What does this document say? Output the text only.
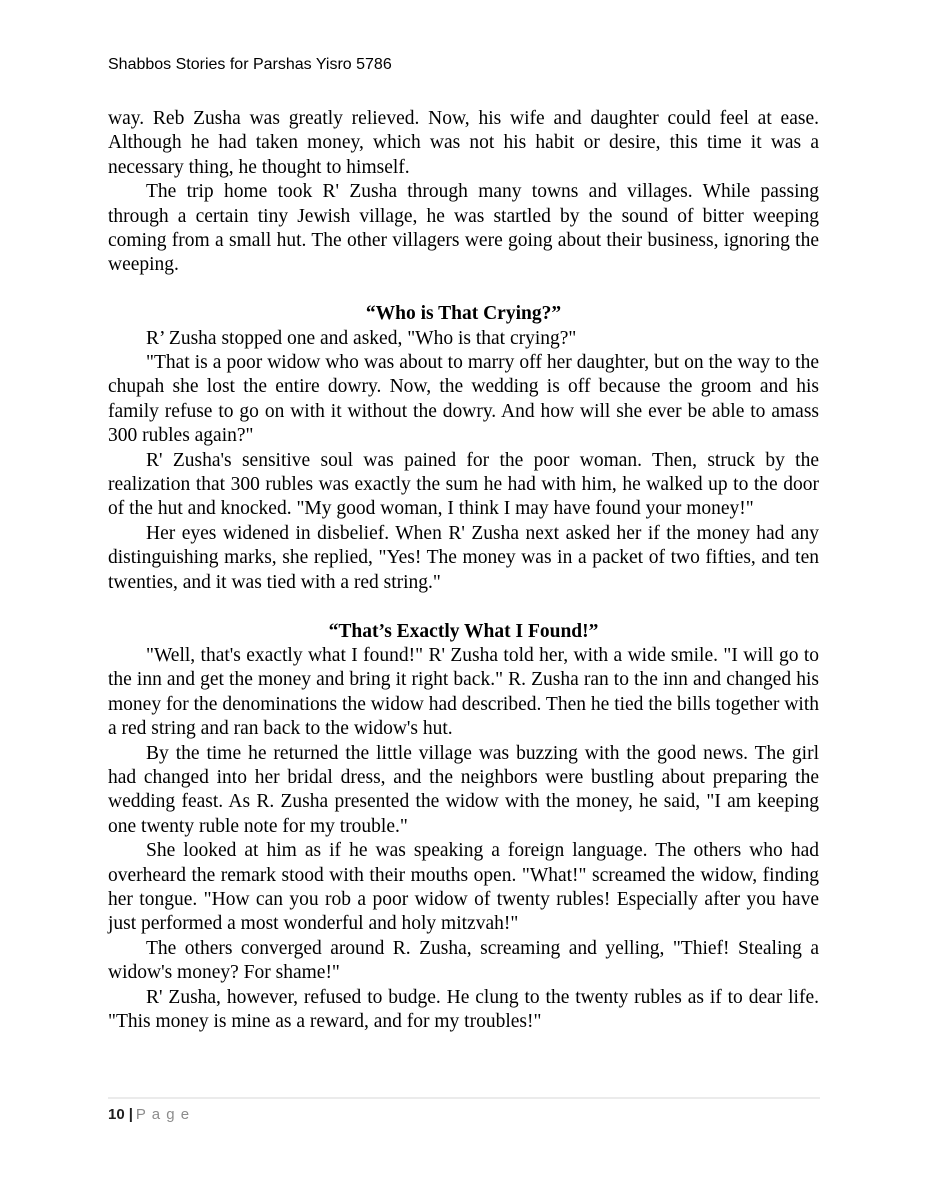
Shabbos Stories for Parshas Yisro 5786

way. Reb Zusha was greatly relieved. Now, his wife and daughter could feel at ease. Although he had taken money, which was not his habit or desire, this time it was a necessary thing, he thought to himself.

The trip home took R' Zusha through many towns and villages. While passing through a certain tiny Jewish village, he was startled by the sound of bitter weeping coming from a small hut. The other villagers were going about their business, ignoring the weeping.

“Who is That Crying?”

R’ Zusha stopped one and asked, "Who is that crying?"

"That is a poor widow who was about to marry off her daughter, but on the way to the chupah she lost the entire dowry. Now, the wedding is off because the groom and his family refuse to go on with it without the dowry. And how will she ever be able to amass 300 rubles again?"

R' Zusha's sensitive soul was pained for the poor woman. Then, struck by the realization that 300 rubles was exactly the sum he had with him, he walked up to the door of the hut and knocked. "My good woman, I think I may have found your money!"

Her eyes widened in disbelief. When R' Zusha next asked her if the money had any distinguishing marks, she replied, "Yes! The money was in a packet of two fifties, and ten twenties, and it was tied with a red string."

“That’s Exactly What I Found!”

"Well, that's exactly what I found!" R' Zusha told her, with a wide smile. "I will go to the inn and get the money and bring it right back." R. Zusha ran to the inn and changed his money for the denominations the widow had described. Then he tied the bills together with a red string and ran back to the widow's hut.

By the time he returned the little village was buzzing with the good news. The girl had changed into her bridal dress, and the neighbors were bustling about preparing the wedding feast. As R. Zusha presented the widow with the money, he said, "I am keeping one twenty ruble note for my trouble."

She looked at him as if he was speaking a foreign language. The others who had overheard the remark stood with their mouths open. "What!" screamed the widow, finding her tongue. "How can you rob a poor widow of twenty rubles! Especially after you have just performed a most wonderful and holy mitzvah!"

The others converged around R. Zusha, screaming and yelling, "Thief! Stealing a widow's money? For shame!"

R' Zusha, however, refused to budge. He clung to the twenty rubles as if to dear life. "This money is mine as a reward, and for my troubles!"

10 | P a g e
